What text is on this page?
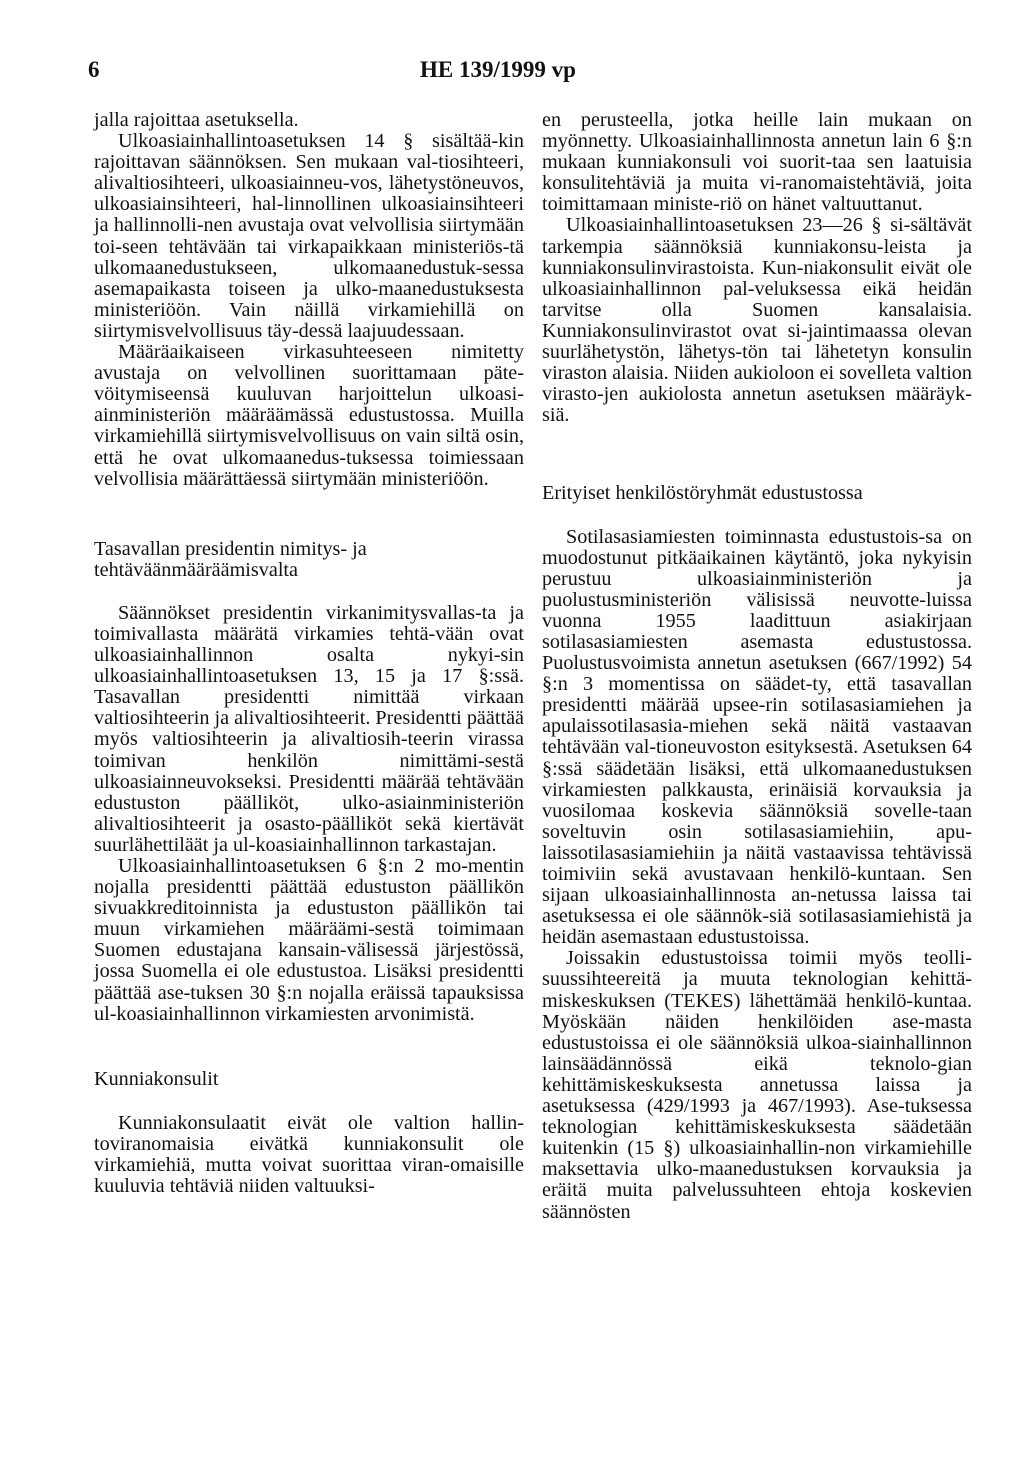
6	HE 139/1999 vp

jalla rajoittaa asetuksella.

Ulkoasiainhallintoasetuksen 14 § sisältää-kin rajoittavan säännöksen. Sen mukaan val-tiosihteeri, alivaltiosihteeri, ulkoasiainneu-vos, lähetystöneuvos, ulkoasiainsihteeri, hal-linnollinen ulkoasiainsihteeri ja hallinnolli-nen avustaja ovat velvollisia siirtymään toi-seen tehtävään tai virkapaikkaan ministeriös-tä ulkomaanedustukseen, ulkomaanedustuk-sessa asemapaikasta toiseen ja ulko-maanedustuksesta ministeriöön. Vain näillä virkamiehillä on siirtymisvelvollisuus täy-dessä laajuudessaan.

Määräaikaiseen virkasuhteeseen nimitetty avustaja on velvollinen suorittamaan päte-vöitymiseensä kuuluvan harjoittelun ulkoasi-ainministeriön määräämässä edustustossa. Muilla virkamiehillä siirtymisvelvollisuus on vain siltä osin, että he ovat ulkomaanedus-tuksessa toimiessaan velvollisia määrättäessä siirtymään ministeriöön.

Tasavallan presidentin nimitys- ja tehtäväänmääräämisvalta

Säännökset presidentin virkanimitysvallas-ta ja toimivallasta määrätä virkamies tehtä-vään ovat ulkoasiainhallinnon osalta nykyi-sin ulkoasiainhallintoasetuksen 13, 15 ja 17 §:ssä. Tasavallan presidentti nimittää virkaan valtiosihteerin ja alivaltiosihteerit. Presidentti päättää myös valtiosihteerin ja alivaltiosih-teerin virassa toimivan henkilön nimittämi-sestä ulkoasiainneuvokseksi. Presidentti määrää tehtävään edustuston päälliköt, ulko-asiainministeriön alivaltiosihteerit ja osasto-päälliköt sekä kiertävät suurlähettiläät ja ul-koasiainhallinnon tarkastajan.

Ulkoasiainhallintoasetuksen 6 §:n 2 mo-mentin nojalla presidentti päättää edustuston päällikön sivuakkreditoinnista ja edustuston päällikön tai muun virkamiehen määräämi-sestä toimimaan Suomen edustajana kansain-välisessä järjestössä, jossa Suomella ei ole edustustoa. Lisäksi presidentti päättää ase-tuksen 30 §:n nojalla eräissä tapauksissa ul-koasiainhallinnon virkamiesten arvonimistä.

Kunniakonsulit

Kunniakonsulaatit eivät ole valtion hallin-toviranomaisia eivätkä kunniakonsulit ole virkamiehiä, mutta voivat suorittaa viran-omaisille kuuluvia tehtäviä niiden valtuuksi-

en perusteella, jotka heille lain mukaan on myönnetty. Ulkoasiainhallinnosta annetun lain 6 §:n mukaan kunniakonsuli voi suorit-taa sen laatuisia konsulitehtäviä ja muita vi-ranomaistehtäviä, joita toimittamaan ministe-riö on hänet valtuuttanut.

Ulkoasiainhallintoasetuksen 23—26 § si-sältävät tarkempia säännöksiä kunniakonsu-leista ja kunniakonsulinvirastoista. Kun-niakonsulit eivät ole ulkoasiainhallinnon pal-veluksessa eikä heidän tarvitse olla Suomen kansalaisia. Kunniakonsulinvirastot ovat si-jaintimaassa olevan suurlähetystön, lähetys-tön tai lähetetyn konsulin viraston alaisia. Niiden aukioloon ei sovelleta valtion virasto-jen aukiolosta annetun asetuksen määräyk-siä.

Erityiset henkilöstöryhmät edustustossa

Sotilasasiamiesten toiminnasta edustustois-sa on muodostunut pitkäaikainen käytäntö, joka nykyisin perustuu ulkoasiainministeriön ja puolustusministeriön välisissä neuvotte-luissa vuonna 1955 laadittuun asiakirjaan sotilasasiamiesten asemasta edustustossa. Puolustusvoimista annetun asetuksen (667/1992) 54 §:n 3 momentissa on säädet-ty, että tasavallan presidentti määrää upsee-rin sotilasasiamiehen ja apulaissotilasasia-miehen sekä näitä vastaavan tehtävään val-tioneuvoston esityksestä. Asetuksen 64 §:ssä säädetään lisäksi, että ulkomaanedustuksen virkamiesten palkkausta, erinäisiä korvauksia ja vuosilomaa koskevia säännöksiä sovelle-taan soveltuvin osin sotilasasiamiehiin, apu-laissotilasasiamiehiin ja näitä vastaavissa tehtävissä toimiviin sekä avustavaan henkilö-kuntaan. Sen sijaan ulkoasiainhallinnosta an-netussa laissa tai asetuksessa ei ole säännök-siä sotilasasiamiehistä ja heidän asemastaan edustustoissa.

Joissakin edustustoissa toimii myös teolli-suussihteereitä ja muuta teknologian kehittä-miskeskuksen (TEKES) lähettämää henkilö-kuntaa. Myöskään näiden henkilöiden ase-masta edustustoissa ei ole säännöksiä ulkoa-siainhallinnon lainsäädännössä eikä teknolo-gian kehittämiskeskuksesta annetussa laissa ja asetuksessa (429/1993 ja 467/1993). Ase-tuksessa teknologian kehittämiskeskuksesta säädetään kuitenkin (15 §) ulkoasiainhallin-non virkamiehille maksettavia ulko-maanedustuksen korvauksia ja eräitä muita palvelussuhteen ehtoja koskevien säännösten
